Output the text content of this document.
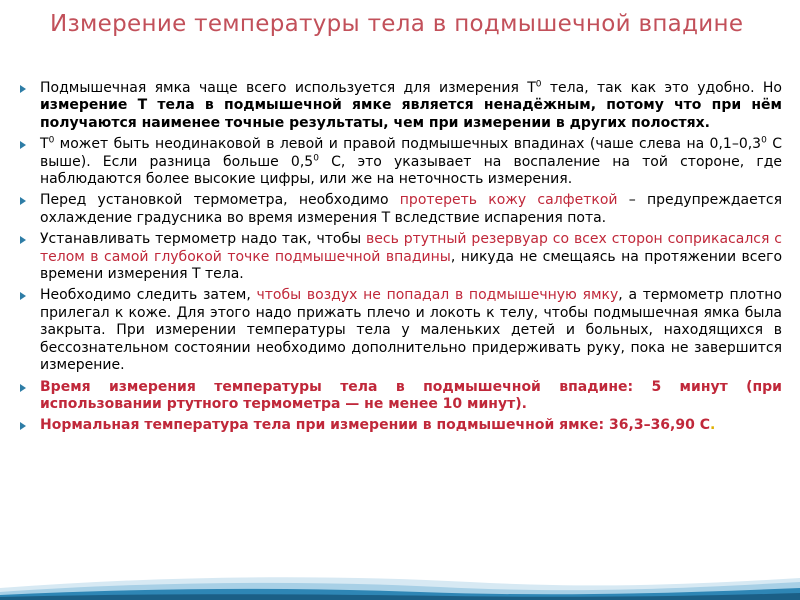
Измерение температуры тела в подмышечной впадине
Подмышечная ямка чаще всего используется для измерения $Т^0$ тела, так как это удобно. Но измерение Т тела в подмышечной ямке является ненадёжным, потому что при нём получаются наименее точные результаты, чем при измерении в других полостях.
$Т^0$ может быть неодинаковой в левой и правой подмышечных впадинах (чаше слева на $0,1-0,3^0$ С выше). Если разница больше $0,5^0$ С, это указывает на воспаление на той стороне, где наблюдаются более высокие цифры, или же на неточность измерения.
Перед установкой термометра, необходимо протереть кожу салфеткой – предупреждается охлаждение градусника во время измерения Т вследствие испарения пота.
Устанавливать термометр надо так, чтобы весь ртутный резервуар со всех сторон соприкасался с телом в самой глубокой точке подмышечной впадины, никуда не смещаясь на протяжении всего времени измерения Т тела.
Необходимо следить затем, чтобы воздух не попадал в подмышечную ямку, а термометр плотно прилегал к коже. Для этого надо прижать плечо и локоть к телу, чтобы подмышечная ямка была закрыта. При измерении температуры тела у маленьких детей и больных, находящихся в бессознательном состоянии необходимо дополнительно придерживать руку, пока не завершится измерение.
Время измерения температуры тела в подмышечной впадине: 5 минут (при использовании ртутного термометра — не менее 10 минут).
Нормальная температура тела при измерении в подмышечной ямке: 36,3–36,90 С.
